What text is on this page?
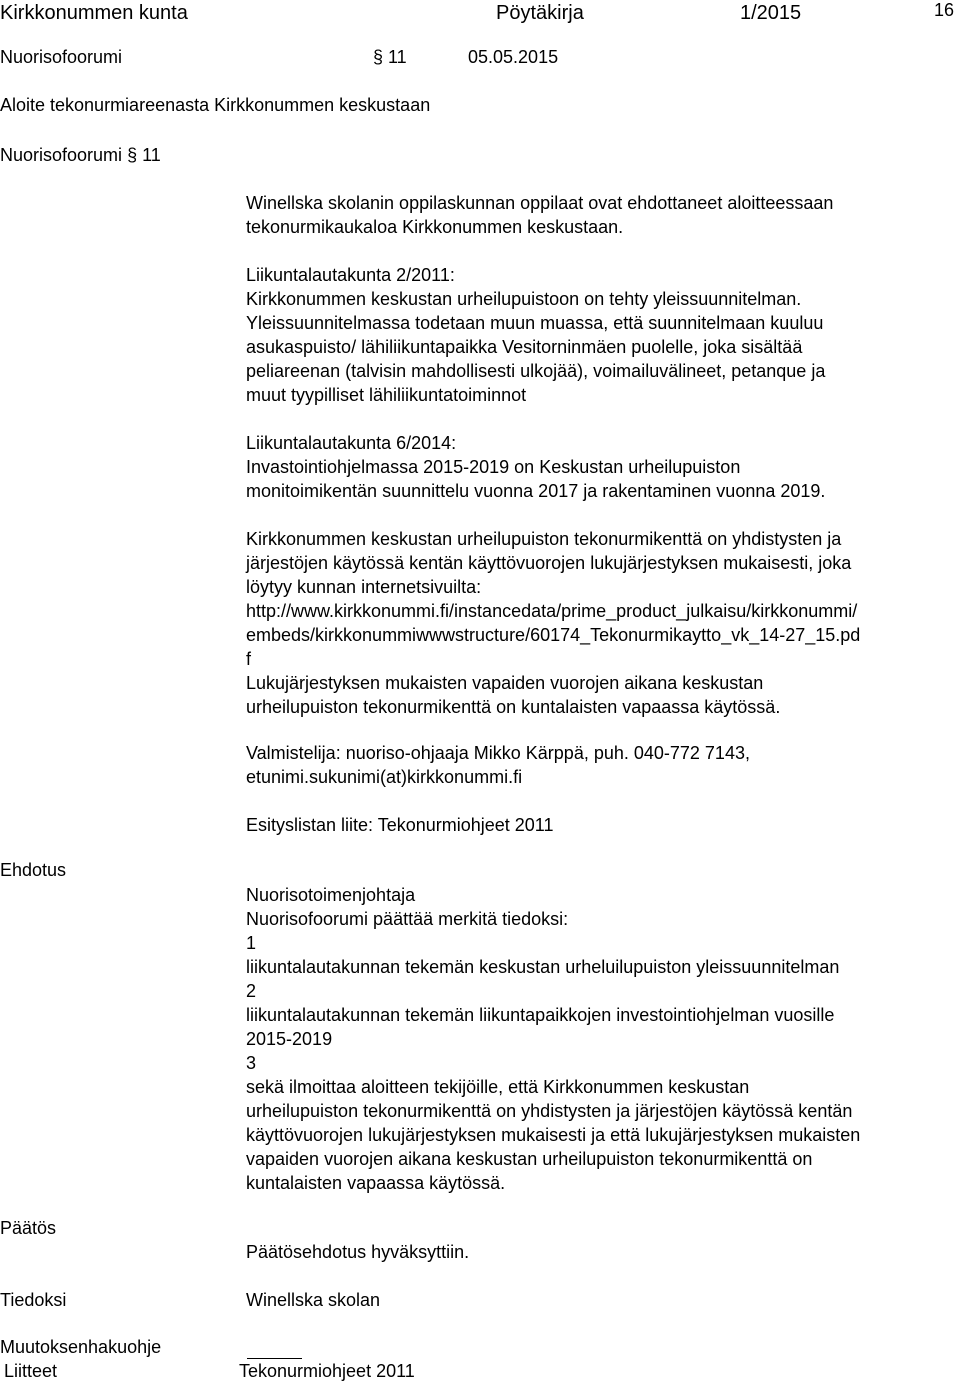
Kirkkonummen kunta	Pöytäkirja	1/2015	16
Nuorisofoorumi	§ 11	05.05.2015
Aloite tekonurmiareenasta Kirkkonummen keskustaan
Nuorisofoorumi § 11
Winellska skolanin oppilaskunnan oppilaat ovat ehdottaneet aloitteessaan
tekonurmikaukaloa Kirkkonummen keskustaan.
Liikuntalautakunta 2/2011:
Kirkkonummen keskustan urheilupuistoon on tehty yleissuunnitelman.
Yleissuunnitelmassa todetaan muun muassa, että suunnitelmaan kuuluu
asukaspuisto/ lähiliikuntapaikka Vesitorninmäen puolelle, joka sisältää
peliareenan (talvisin mahdollisesti ulkojää), voimailuvälineet, petanque ja
muut tyypilliset lähiliikuntatoiminnot
Liikuntalautakunta 6/2014:
Invastointiohjelmassa 2015-2019 on Keskustan urheilupuiston
monitoimikentän suunnittelu vuonna 2017 ja rakentaminen vuonna 2019.
Kirkkonummen keskustan urheilupuiston tekonurmikenttä on yhdistysten ja
järjestöjen käytössä kentän käyttövuorojen lukujärjestyksen mukaisesti, joka
löytyy kunnan internetsivuilta:
http://www.kirkkonummi.fi/instancedata/prime_product_julkaisu/kirkkonummi/
embeds/kirkkonummiwwwstructure/60174_Tekonurmikaytto_vk_14-27_15.pd
f
Lukujärjestyksen mukaisten vapaiden vuorojen aikana keskustan
urheilupuiston tekonurmikenttä on kuntalaisten vapaassa käytössä.
Valmistelija: nuoriso-ohjaaja Mikko Kärppä, puh. 040-772 7143,
etunimi.sukunimi(at)kirkkonummi.fi
Esityslistan liite: Tekonurmiohjeet 2011
Ehdotus
Nuorisotoimenjohtaja
Nuorisofoorumi päättää merkitä tiedoksi:
1
liikuntalautakunnan tekemän keskustan urheluilupuiston yleissuunnitelman
2
liikuntalautakunnan tekemän liikuntapaikkojen investointiohjelman vuosille
2015-2019
3
sekä ilmoittaa aloitteen tekijöille, että Kirkkonummen keskustan
urheilupuiston tekonurmikenttä on yhdistysten ja järjestöjen käytössä kentän
käyttövuorojen lukujärjestyksen mukaisesti ja että lukujärjestyksen mukaisten
vapaiden vuorojen aikana keskustan urheilupuiston tekonurmikenttä on
kuntalaisten vapaassa käytössä.
Päätös
Päätösehdotus hyväksyttiin.
Tiedoksi	Winellska skolan
Muutoksenhakuohje
Liitteet	Tekonurmiohjeet 2011
